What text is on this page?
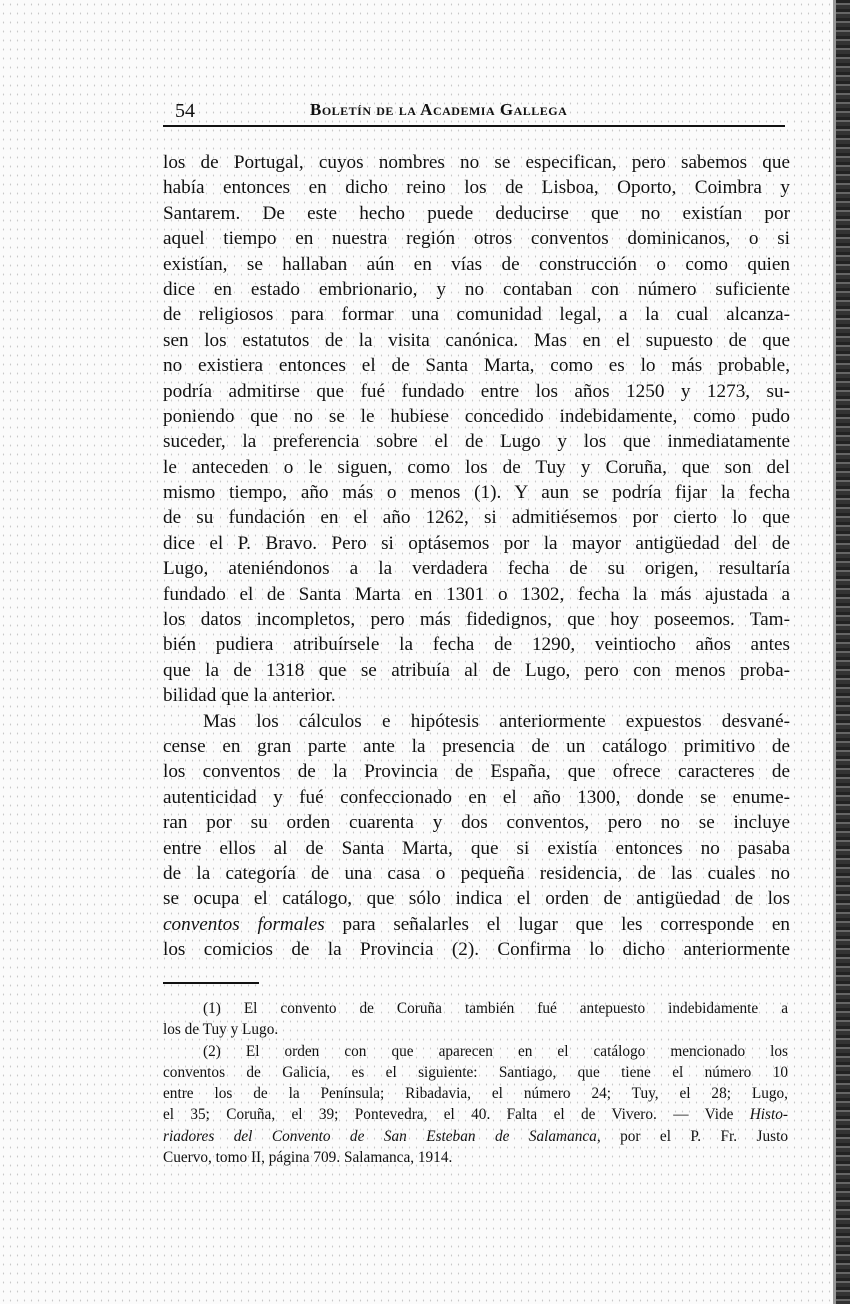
54	Boletín de la Academia Gallega
los de Portugal, cuyos nombres no se especifican, pero sabemos que
había entonces en dicho reino los de Lisboa, Oporto, Coimbra y
Santarem. De este hecho puede deducirse que no existían por
aquel tiempo en nuestra región otros conventos dominicanos, o si
existían, se hallaban aún en vías de construcción o como quien
dice en estado embrionario, y no contaban con número suficiente
de religiosos para formar una comunidad legal, a la cual alcanza-
sen los estatutos de la visita canónica. Mas en el supuesto de que
no existiera entonces el de Santa Marta, como es lo más probable,
podría admitirse que fué fundado entre los años 1250 y 1273, su-
poniendo que no se le hubiese concedido indebidamente, como pudo
suceder, la preferencia sobre el de Lugo y los que inmediatamente
le anteceden o le siguen, como los de Tuy y Coruña, que son del
mismo tiempo, año más o menos (1). Y aun se podría fijar la fecha
de su fundación en el año 1262, si admitiésemos por cierto lo que
dice el P. Bravo. Pero si optásemos por la mayor antigüedad del de
Lugo, ateniéndonos a la verdadera fecha de su origen, resultaría
fundado el de Santa Marta en 1301 o 1302, fecha la más ajustada a
los datos incompletos, pero más fidedignos, que hoy poseemos. Tam-
bién pudiera atribuírsele la fecha de 1290, veintiocho años antes
que la de 1318 que se atribuía al de Lugo, pero con menos proba-
bilidad que la anterior.
Mas los cálculos e hipótesis anteriormente expuestos desvané-
cense en gran parte ante la presencia de un catálogo primitivo de
los conventos de la Provincia de España, que ofrece caracteres de
autenticidad y fué confeccionado en el año 1300, donde se enume-
ran por su orden cuarenta y dos conventos, pero no se incluye
entre ellos al de Santa Marta, que si existía entonces no pasaba
de la categoría de una casa o pequeña residencia, de las cuales no
se ocupa el catálogo, que sólo indica el orden de antigüedad de los
conventos formales para señalarles el lugar que les corresponde en
los comicios de la Provincia (2). Confirma lo dicho anteriormente
(1) El convento de Coruña también fué antepuesto indebidamente a
los de Tuy y Lugo.
(2) El orden con que aparecen en el catálogo mencionado los
conventos de Galicia, es el siguiente: Santiago, que tiene el número 10
entre los de la Península; Ribadavia, el número 24; Tuy, el 28; Lugo,
el 35; Coruña, el 39; Pontevedra, el 40. Falta el de Vivero. — Vide Histo-
riadores del Convento de San Esteban de Salamanca, por el P. Fr. Justo
Cuervo, tomo II, página 709. Salamanca, 1914.
